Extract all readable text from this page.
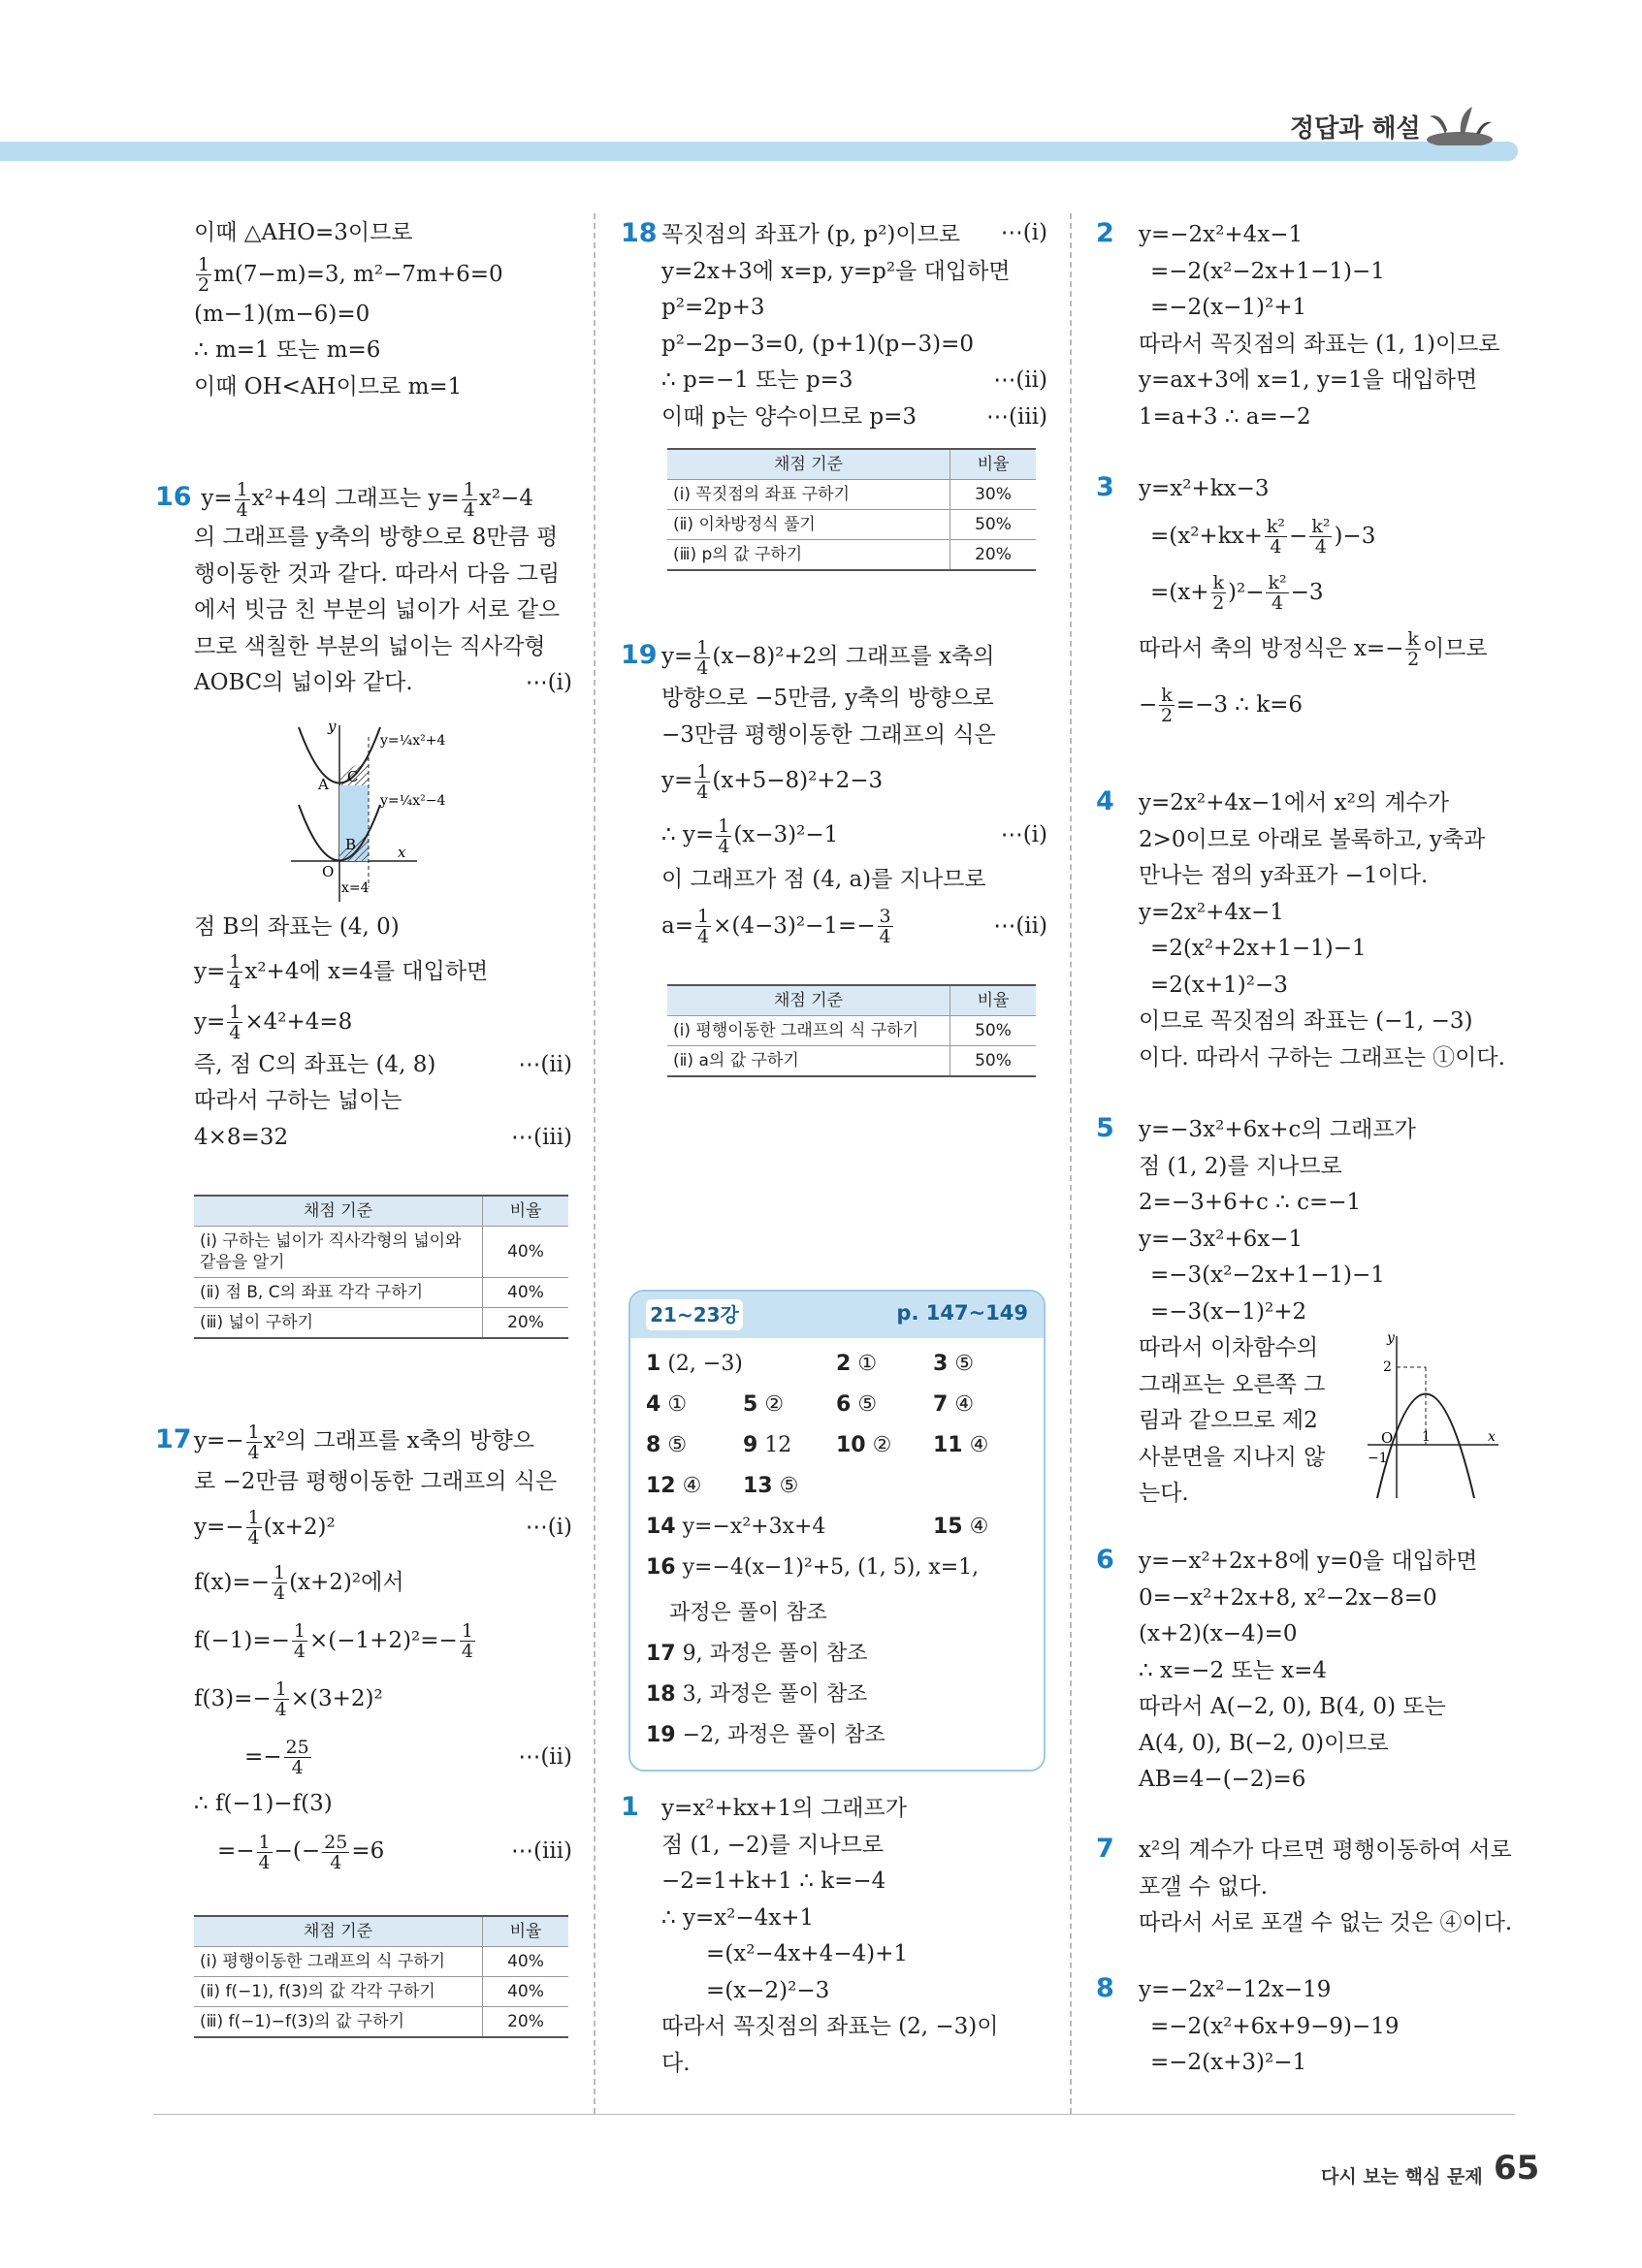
정답과 해설
이때 △AHO=3이므로
$\frac{1}{2} m(7-m)=3$, m²−7m+6=0
(m−1)(m−6)=0
∴ m=1 또는 m=6
이때 OH<AH이므로 m=1
16 $y= \frac{1}{4} x^2+4$의 그래프는 $y= \frac{1}{4} x^2-4$
의 그래프를 y축의 방향으로 8만큼 평
행이동한 것과 같다. 따라서 다음 그림
에서 빗금 친 부분의 넓이가 서로 같으
므로 색칠한 부분의 넓이는 직사각형
AOBC의 넓이와 같다.	⋯(ⅰ)
y
x
O
A
B
C
y=¼x²+4
y=¼x²−4
x=4
점 B의 좌표는 (4, 0)
$y= \frac{1}{4} x^2+4$에 x=4를 대입하면
$y= \frac{1}{4} \times 4^2+4=8$
즉, 점 C의 좌표는 (4, 8)	⋯(ⅱ)
따라서 구하는 넓이는
4×8=32	⋯(ⅲ)
채점 기준	비율
(ⅰ) 구하는 넓이가 직사각형의 넓이와 같음을 알기	40%
(ⅱ) 점 B, C의 좌표 각각 구하기	40%
(ⅲ) 넓이 구하기	20%
17 $y=- \frac{1}{4} x^2$의 그래프를 x축의 방향으
로 −2만큼 평행이동한 그래프의 식은
$y=- \frac{1}{4} (x+2)^2$	⋯(ⅰ)
$f(x)=- \frac{1}{4} (x+2)^2$에서
$f(-1)=- \frac{1}{4} \times(-1+2)^2=- \frac{1}{4}$
$f(3)=- \frac{1}{4} \times(3+2)^2$
=− $\frac{25}{4}$	⋯(ⅱ)
∴ f(−1)−f(3)
=− $\frac{1}{4}$ −(− $\frac{25}{4} =6$	⋯(ⅲ)
채점 기준	비율
(ⅰ) 평행이동한 그래프의 식 구하기	40%
(ⅱ) f(−1), f(3)의 값 각각 구하기	40%
(ⅲ) f(−1)−f(3)의 값 구하기	20%
18 꼭짓점의 좌표가 (p, p²)이므로 ⋯(ⅰ)
y=2x+3에 x=p, y=p²을 대입하면
p²=2p+3
p²−2p−3=0, (p+1)(p−3)=0
∴ p=−1 또는 p=3	⋯(ⅱ)
이때 p는 양수이므로 p=3	⋯(ⅲ)
채점 기준	비율
(ⅰ) 꼭짓점의 좌표 구하기	30%
(ⅱ) 이차방정식 풀기	50%
(ⅲ) p의 값 구하기	20%
19 $y= \frac{1}{4} (x-8)^2+2$의 그래프를 x축의
방향으로 −5만큼, y축의 방향으로
−3만큼 평행이동한 그래프의 식은
$y= \frac{1}{4} (x+5-8)^2+2-3$
∴ $y= \frac{1}{4} (x-3)^2-1$	⋯(ⅰ)
이 그래프가 점 (4, a)를 지나므로
$a= \frac{1}{4} \times(4-3)^2-1=- \frac{3}{4}$	⋯(ⅱ)
채점 기준	비율
(ⅰ) 평행이동한 그래프의 식 구하기	50%
(ⅱ) a의 값 구하기	50%
21~23강	p. 147~149
1 (2, −3)	2 ①	3 ⑤
4 ①	5 ② 6 ⑤	7 ④
8 ⑤	9 12 10 ② 11 ④
12 ④ 13 ⑤
14 y=−x²+3x+4	15 ④
16 y=−4(x−1)²+5, (1, 5), x=1,
과정은 풀이 참조
17 9, 과정은 풀이 참조
18 3, 과정은 풀이 참조
19 −2, 과정은 풀이 참조
1 y=x²+kx+1의 그래프가
점 (1, −2)를 지나므로
−2=1+k+1 ∴ k=−4
∴ y=x²−4x+1
=(x²−4x+4−4)+1
=(x−2)²−3
따라서 꼭짓점의 좌표는 (2, −3)이
다.
2 y=−2x²+4x−1
=−2(x²−2x+1−1)−1
=−2(x−1)²+1
따라서 꼭짓점의 좌표는 (1, 1)이므로
y=ax+3에 x=1, y=1을 대입하면
1=a+3 ∴ a=−2
3 y=x²+kx−3
$=(x^2+kx+ \frac{\text{k²}}{4} - \frac{\text{k²}}{4} )-3$
$=(x+ \frac{k}{2} )^2- \frac{\text{k²}}{4} -3$
따라서 축의 방정식은 $x=- \frac{k}{2}$ 이므로
− $\frac{k}{2} =-3$ ∴ k=6
4 y=2x²+4x−1에서 x²의 계수가
2>0이므로 아래로 볼록하고, y축과
만나는 점의 y좌표가 −1이다.
y=2x²+4x−1
=2(x²+2x+1−1)−1
=2(x+1)²−3
이므로 꼭짓점의 좌표는 (−1, −3)
이다. 따라서 구하는 그래프는 ①이다.
5 y=−3x²+6x+c의 그래프가
점 (1, 2)를 지나므로
2=−3+6+c ∴ c=−1
y=−3x²+6x−1
=−3(x²−2x+1−1)−1
=−3(x−1)²+2
따라서 이차함수의
그래프는 오른쪽 그
림과 같으므로 제2
사분면을 지나지 않
는다.
y
x
O
2
1
−1
6 y=−x²+2x+8에 y=0을 대입하면
0=−x²+2x+8, x²−2x−8=0
(x+2)(x−4)=0
∴ x=−2 또는 x=4
따라서 A(−2, 0), B(4, 0) 또는
A(4, 0), B(−2, 0)이므로
AB=4−(−2)=6
7 x²의 계수가 다르면 평행이동하여 서로
포갤 수 없다.
따라서 서로 포갤 수 없는 것은 ④이다.
8 y=−2x²−12x−19
=−2(x²+6x+9−9)−19
=−2(x+3)²−1
다시 보는 핵심 문제 65
